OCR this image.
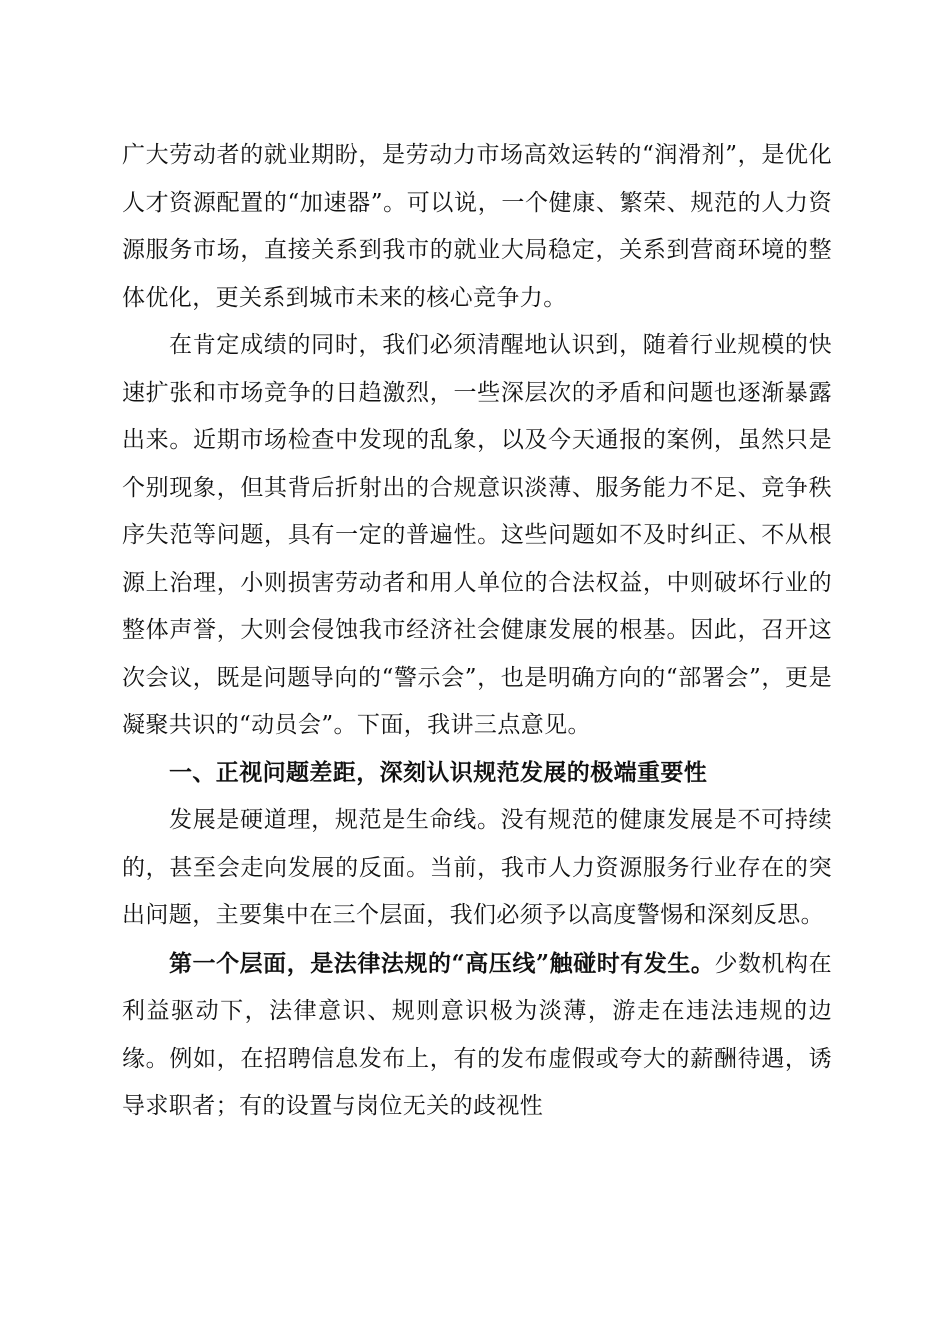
广大劳动者的就业期盼，是劳动力市场高效运转的“润滑剂”，是优化人才资源配置的“加速器”。可以说，一个健康、繁荣、规范的人力资源服务市场，直接关系到我市的就业大局稳定，关系到营商环境的整体优化，更关系到城市未来的核心竞争力。

在肯定成绩的同时，我们必须清醒地认识到，随着行业规模的快速扩张和市场竞争的日趋激烈，一些深层次的矛盾和问题也逐渐暴露出来。近期市场检查中发现的乱象，以及今天通报的案例，虽然只是个别现象，但其背后折射出的合规意识淡薄、服务能力不足、竞争秩序失范等问题，具有一定的普遍性。这些问题如不及时纠正、不从根源上治理，小则损害劳动者和用人单位的合法权益，中则破坏行业的整体声誉，大则会侵蚀我市经济社会健康发展的根基。因此，召开这次会议，既是问题导向的“警示会”，也是明确方向的“部署会”，更是凝聚共识的“动员会”。下面，我讲三点意见。

一、正视问题差距，深刻认识规范发展的极端重要性

发展是硬道理，规范是生命线。没有规范的健康发展是不可持续的，甚至会走向发展的反面。当前，我市人力资源服务行业存在的突出问题，主要集中在三个层面，我们必须予以高度警惕和深刻反思。

第一个层面，是法律法规的“高压线”触碰时有发生。少数机构在利益驱动下，法律意识、规则意识极为淡薄，游走在违法违规的边缘。例如，在招聘信息发布上，有的发布虚假或夸大的薪酬待遇，诱导求职者；有的设置与岗位无关的歧视性
